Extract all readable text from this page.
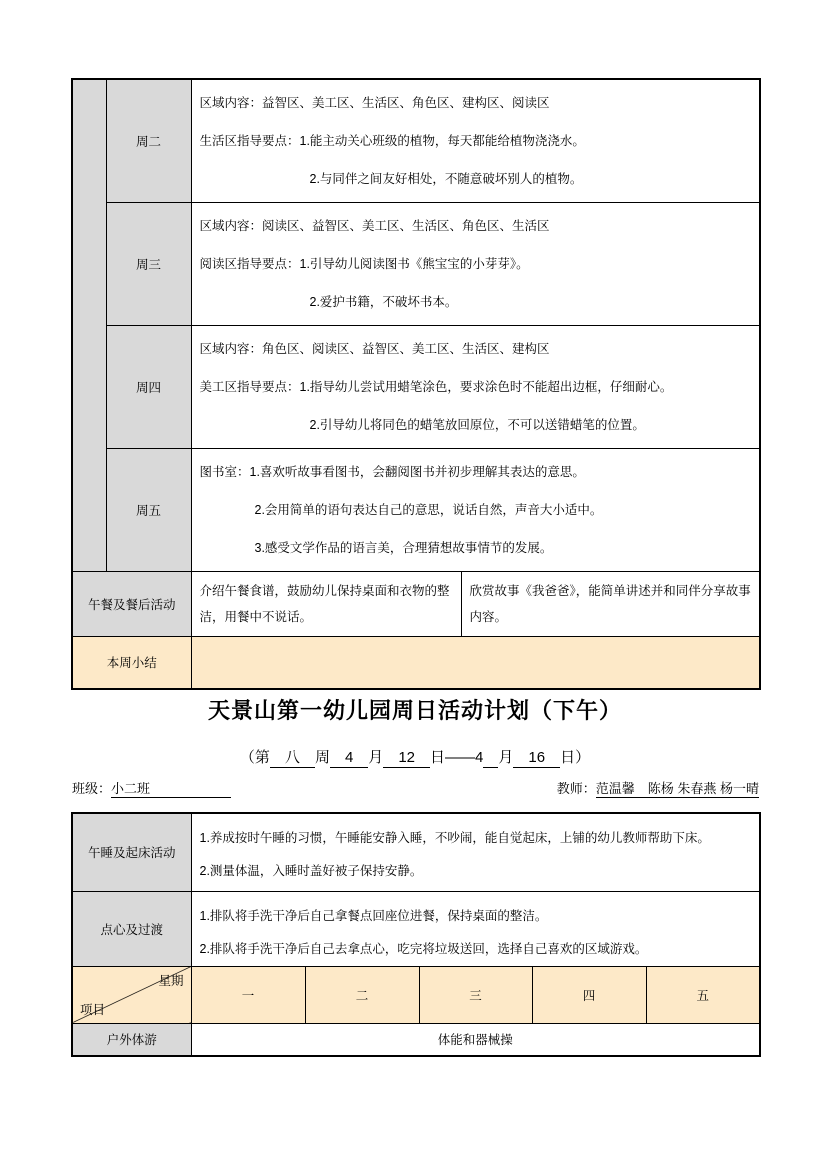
	周二	区域内容：益智区、美工区、生活区、角色区、建构区、阅读区
生活区指导要点：1.能主动关心班级的植物，每天都能给植物浇浇水。
2.与同伴之间友好相处，不随意破坏别人的植物。	

	周三	区域内容：阅读区、益智区、美工区、生活区、角色区、生活区
阅读区指导要点：1.引导幼儿阅读图书《熊宝宝的小芽芽》。
2.爱护书籍，不破坏书本。	

	周四	区域内容：角色区、阅读区、益智区、美工区、生活区、建构区
美工区指导要点：1.指导幼儿尝试用蜡笔涂色，要求涂色时不能超出边框，仔细耐心。
2.引导幼儿将同色的蜡笔放回原位，不可以送错蜡笔的位置。	

	周五	图书室：1.喜欢听故事看图书，会翻阅图书并初步理解其表达的意思。
2.会用简单的语句表达自己的意思，说话自然，声音大小适中。
3.感受文学作品的语言美，合理猜想故事情节的发展。	

午餐及餐后活动		介绍午餐食谱，鼓励幼儿保持桌面和衣物的整洁，用餐中不说话。	欣赏故事《我爸爸》，能简单讲述并和同伴分享故事内容。

本周小结			
天景山第一幼儿园周日活动计划（下午）
（第　八　周　4　月　12　日——4　 月　16　日）
班级：小二班	教师：范温馨　陈杨 朱春燕 杨一晴
午睡及起床活动	1.养成按时午睡的习惯，午睡能安静入睡，不吵闹，能自觉起床，上铺的幼儿教师帮助下床。
2.测量体温，入睡时盖好被子保持安静。				

点心及过渡	1.排队将手洗干净后自己拿餐点回座位进餐，保持桌面的整洁。
2.排队将手洗干净后自己去拿点心，吃完将垃圾送回，选择自己喜欢的区域游戏。				

星期
项目	一	二	三	四	五
户外体游	体能和器械操				
